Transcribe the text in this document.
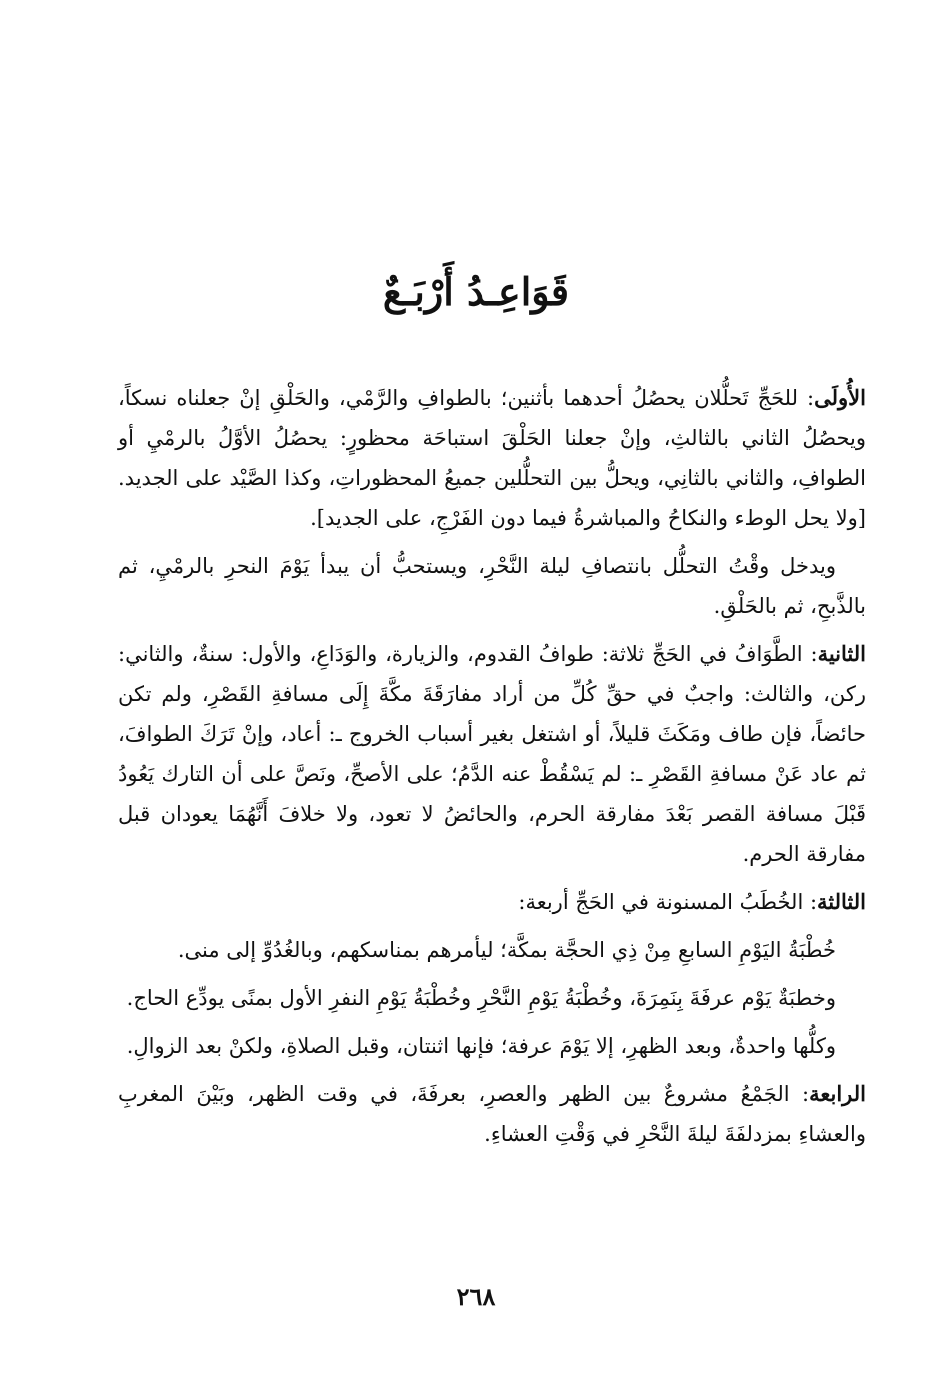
قَوَاعِـدُ أَرْبَـعٌ

الأُولَى: للحَجِّ تَحلُّلان يحصُلُ أحدهما بأثنين؛ بالطوافِ والرَّمْي، والحَلْقِ إنْ جعلناه نسكاً، ويحصُلُ الثاني بالثالثِ، وإنْ جعلنا الحَلْقَ استباحَة محظورٍ: يحصُلُ الأوَّلُ بالرمْيِ أو الطوافِ، والثاني بالثانِي، ويحلُّ بين التحلُّلين جميعُ المحظوراتِ، وكذا الصَّيْد على الجديد. [ولا يحل الوطء والنكاحُ والمباشرةُ فيما دون الفَرْجِ، على الجديد].

ويدخل وقْتُ التحلُّل بانتصافِ ليلة النَّحْرِ، ويستحبُّ أن يبدأ يَوْمَ النحرِ بالرمْيِ، ثم بالذَّبحِ، ثم بالحَلْقِ.

الثانية: الطَّوَافُ في الحَجِّ ثلاثة: طوافُ القدوم، والزيارة، والوَدَاعِ، والأول: سنةٌ، والثاني: ركن، والثالث: واجبٌ في حقِّ كُلِّ من أراد مفارَقَةَ مكَّةَ إِلَى مسافةِ القَصْرِ، ولم تكن حائضاً، فإن طاف ومَكَثَ قليلاً، أو اشتغل بغير أسباب الخروج ـ: أعاد، وإنْ تَرَكَ الطوافَ، ثم عاد عَنْ مسافةِ القَصْرِ ـ: لم يَسْقُطْ عنه الدَّمُ؛ على الأصحِّ، ونَصَّ على أن التارك يَعُودُ قَبْلَ مسافة القصر بَعْدَ مفارقة الحرم، والحائضُ لا تعود، ولا خلافَ أَنَّهُمَا يعودان قبل مفارقة الحرم.

الثالثة: الخُطَبُ المسنونة في الحَجِّ أربعة:

خُطْبَةُ اليَوْمِ السابعِ مِنْ ذِي الحجَّة بمكَّة؛ ليأمرهم بمناسكهم، وبالغُدُوِّ إلى منى.

وخطبَةٌ يَوْم عرفَةَ بِنَمِرَةَ، وخُطْبَةُ يَوْمِ النَّحْرِ وخُطْبَةُ يَوْمِ النفرِ الأول بمنًى يودِّع الحاج.

وكلُّها واحدةٌ، وبعد الظهرِ، إلا يَوْمَ عرفة؛ فإنها اثنتان، وقبل الصلاةِ، ولكنْ بعد الزوالِ.

الرابعة: الجَمْعُ مشروعٌ بين الظهر والعصرِ، بعرفَةَ، في وقت الظهر، وبَيْنَ المغربِ والعشاءِ بمزدلفَةَ ليلةَ النَّحْرِ في وَقْتِ العشاءِ.

٢٦٨
